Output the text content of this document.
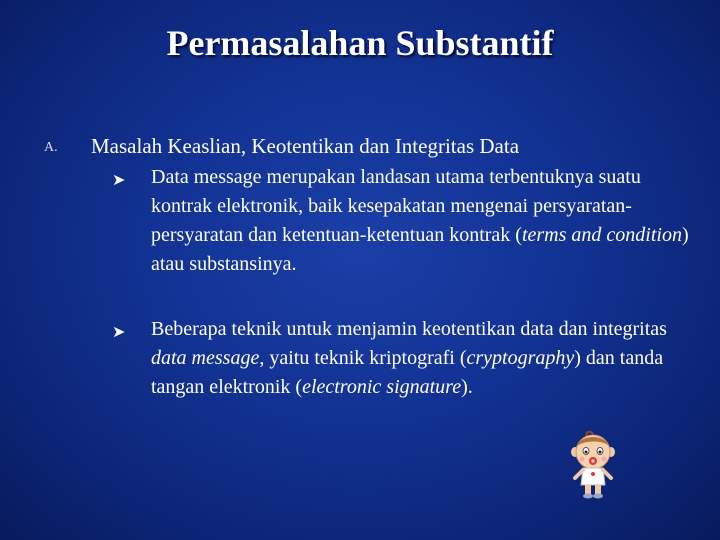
Permasalahan Substantif
A. Masalah Keaslian, Keotentikan dan Integritas Data
➤ Data message merupakan landasan utama terbentuknya suatu kontrak elektronik, baik kesepakatan mengenai persyaratan-persyaratan dan ketentuan-ketentuan kontrak (terms and condition) atau substansinya.
➤ Beberapa teknik untuk menjamin keotentikan data dan integritas data message, yaitu teknik kriptografi (cryptography) dan tanda tangan elektronik (electronic signature).
